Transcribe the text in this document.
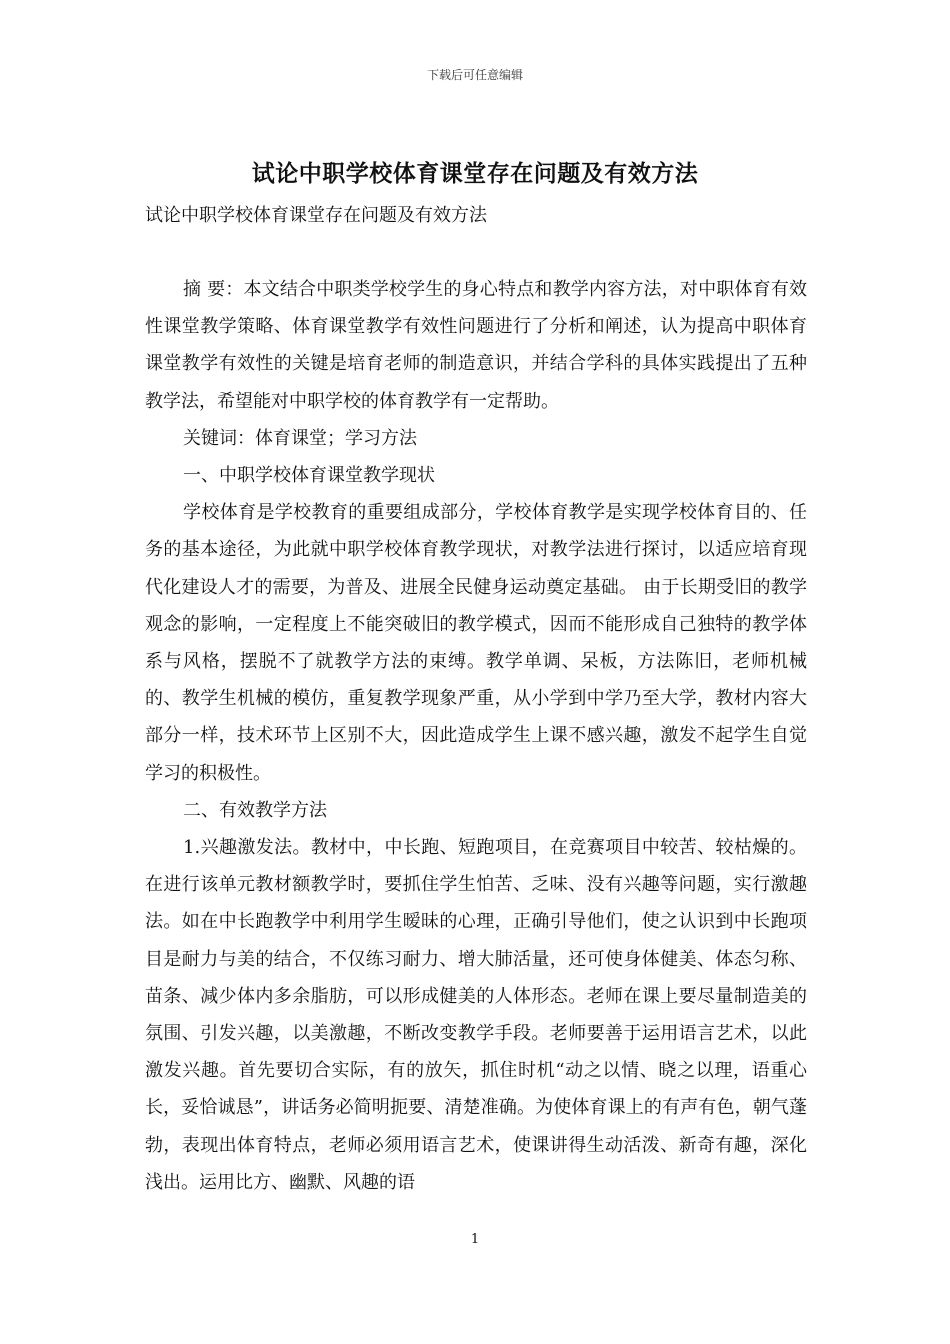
下载后可任意编辑
试论中职学校体育课堂存在问题及有效方法
试论中职学校体育课堂存在问题及有效方法

摘 要：本文结合中职类学校学生的身心特点和教学内容方法，对中职体育有效性课堂教学策略、体育课堂教学有效性问题进行了分析和阐述，认为提高中职体育课堂教学有效性的关键是培育老师的制造意识，并结合学科的具体实践提出了五种教学法，希望能对中职学校的体育教学有一定帮助。

关键词：体育课堂；学习方法

一、中职学校体育课堂教学现状

学校体育是学校教育的重要组成部分，学校体育教学是实现学校体育目的、任务的基本途径，为此就中职学校体育教学现状，对教学法进行探讨，以适应培育现代化建设人才的需要，为普及、进展全民健身运动奠定基础。 由于长期受旧的教学观念的影响，一定程度上不能突破旧的教学模式，因而不能形成自己独特的教学体系与风格，摆脱不了就教学方法的束缚。教学单调、呆板，方法陈旧，老师机械的、教学生机械的模仿，重复教学现象严重，从小学到中学乃至大学，教材内容大部分一样，技术环节上区别不大，因此造成学生上课不感兴趣，激发不起学生自觉学习的积极性。

二、有效教学方法

1.兴趣激发法。教材中，中长跑、短跑项目，在竞赛项目中较苦、较枯燥的。在进行该单元教材额教学时，要抓住学生怕苦、乏味、没有兴趣等问题，实行激趣法。如在中长跑教学中利用学生暧昧的心理，正确引导他们，使之认识到中长跑项目是耐力与美的结合，不仅练习耐力、增大肺活量，还可使身体健美、体态匀称、苗条、减少体内多余脂肪，可以形成健美的人体形态。老师在课上要尽量制造美的氛围、引发兴趣，以美激趣，不断改变教学手段。老师要善于运用语言艺术，以此激发兴趣。首先要切合实际，有的放矢，抓住时机“动之以情、晓之以理，语重心长，妥恰诚恳”，讲话务必简明扼要、清楚准确。为使体育课上的有声有色，朝气蓬勃，表现出体育特点，老师必须用语言艺术，使课讲得生动活泼、新奇有趣，深化浅出。运用比方、幽默、风趣的语

1
